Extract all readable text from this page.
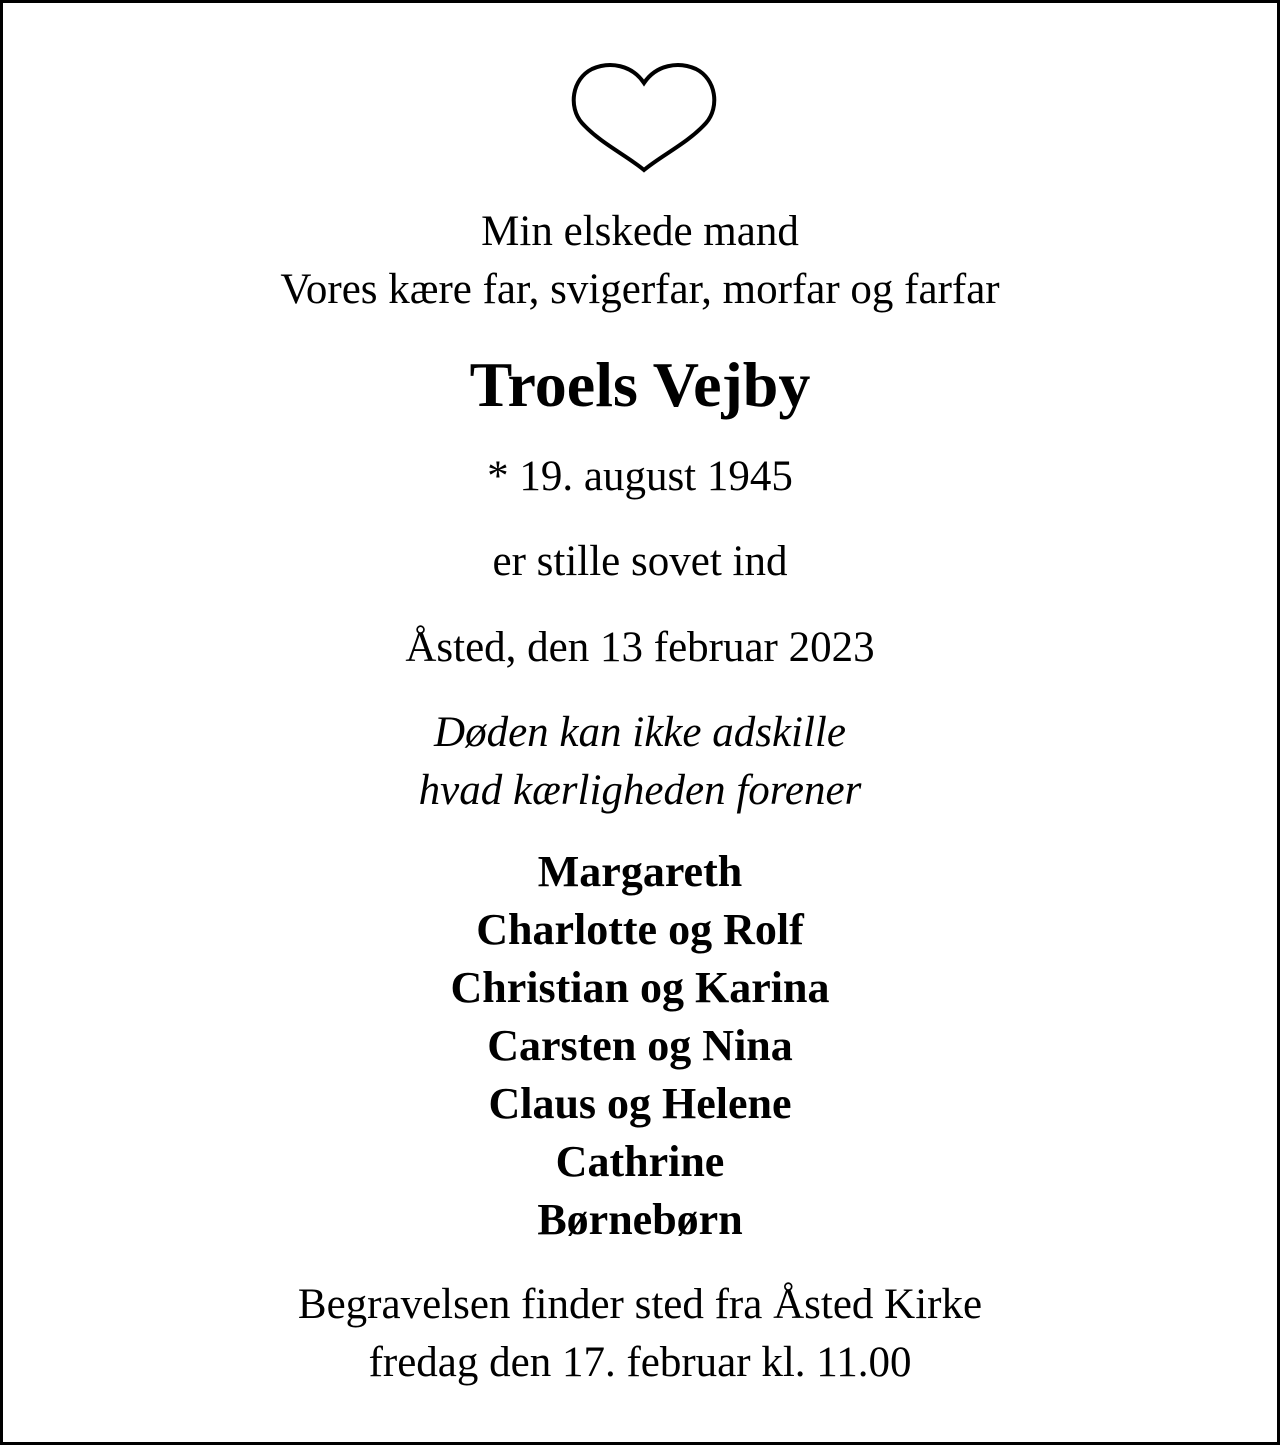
Min elskede mand
Vores kære far, svigerfar, morfar og farfar
Troels Vejby
* 19. august 1945
er stille sovet ind
Åsted, den 13 februar 2023
Døden kan ikke adskille
hvad kærligheden forener
Margareth
Charlotte og Rolf
Christian og Karina
Carsten og Nina
Claus og Helene
Cathrine
Børnebørn
Begravelsen finder sted fra Åsted Kirke
fredag den 17. februar kl. 11.00
